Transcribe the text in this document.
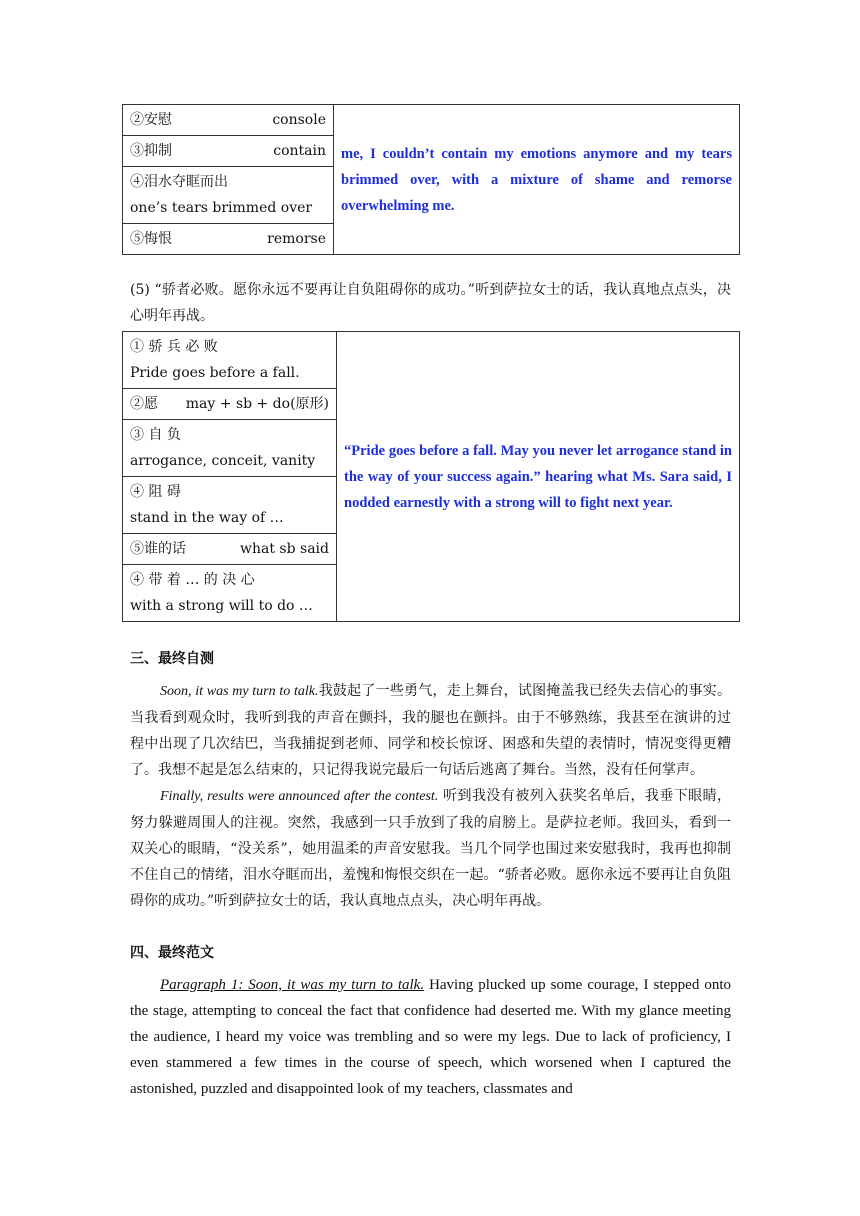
②安慰	console
	me, I couldn’t contain my emotions anymore and my tears brimmed over, with a mixture of shame and remorse overwhelming me.

③抑制	contain

④泪水夺眶而出
one’s tears brimmed over

⑤悔恨	remorse
(5) “骄者必败。愿你永远不要再让自负阻碍你的成功。”听到萨拉女士的话，我认真地点点头，决心明年再战。
① 骄 兵 必 败
Pride goes before a fall.
	“Pride goes before a fall. May you never let arrogance stand in the way of your success again.” hearing what Ms. Sara said, I nodded earnestly with a strong will to fight next year.

②愿 may + sb + do(原形)

③ 自 负
arrogance, conceit, vanity

④ 阻 碍
stand in the way of …

⑤谁的话	what sb said

④ 带 着 … 的 决 心
with a strong will to do …
三、最终自测

Soon, it was my turn to talk.我鼓起了一些勇气，走上舞台，试图掩盖我已经失去信心的事实。当我看到观众时，我听到我的声音在颤抖，我的腿也在颤抖。由于不够熟练，我甚至在演讲的过程中出现了几次结巴，当我捕捉到老师、同学和校长惊讶、困惑和失望的表情时，情况变得更糟了。我想不起是怎么结束的，只记得我说完最后一句话后逃离了舞台。当然，没有任何掌声。

Finally, results were announced after the contest. 听到我没有被列入获奖名单后，我垂下眼睛，努力躲避周围人的注视。突然，我感到一只手放到了我的肩膀上。是萨拉老师。我回头，看到一双关心的眼睛，“没关系”，她用温柔的声音安慰我。当几个同学也围过来安慰我时，我再也抑制不住自己的情绪，泪水夺眶而出，羞愧和悔恨交织在一起。“骄者必败。愿你永远不要再让自负阻碍你的成功。”听到萨拉女士的话，我认真地点点头，决心明年再战。

四、最终范文

Paragraph 1: Soon, it was my turn to talk. Having plucked up some courage, I stepped onto the stage, attempting to conceal the fact that confidence had deserted me. With my glance meeting the audience, I heard my voice was trembling and so were my legs. Due to lack of proficiency, I even stammered a few times in the course of speech, which worsened when I captured the astonished, puzzled and disappointed look of my teachers, classmates and
